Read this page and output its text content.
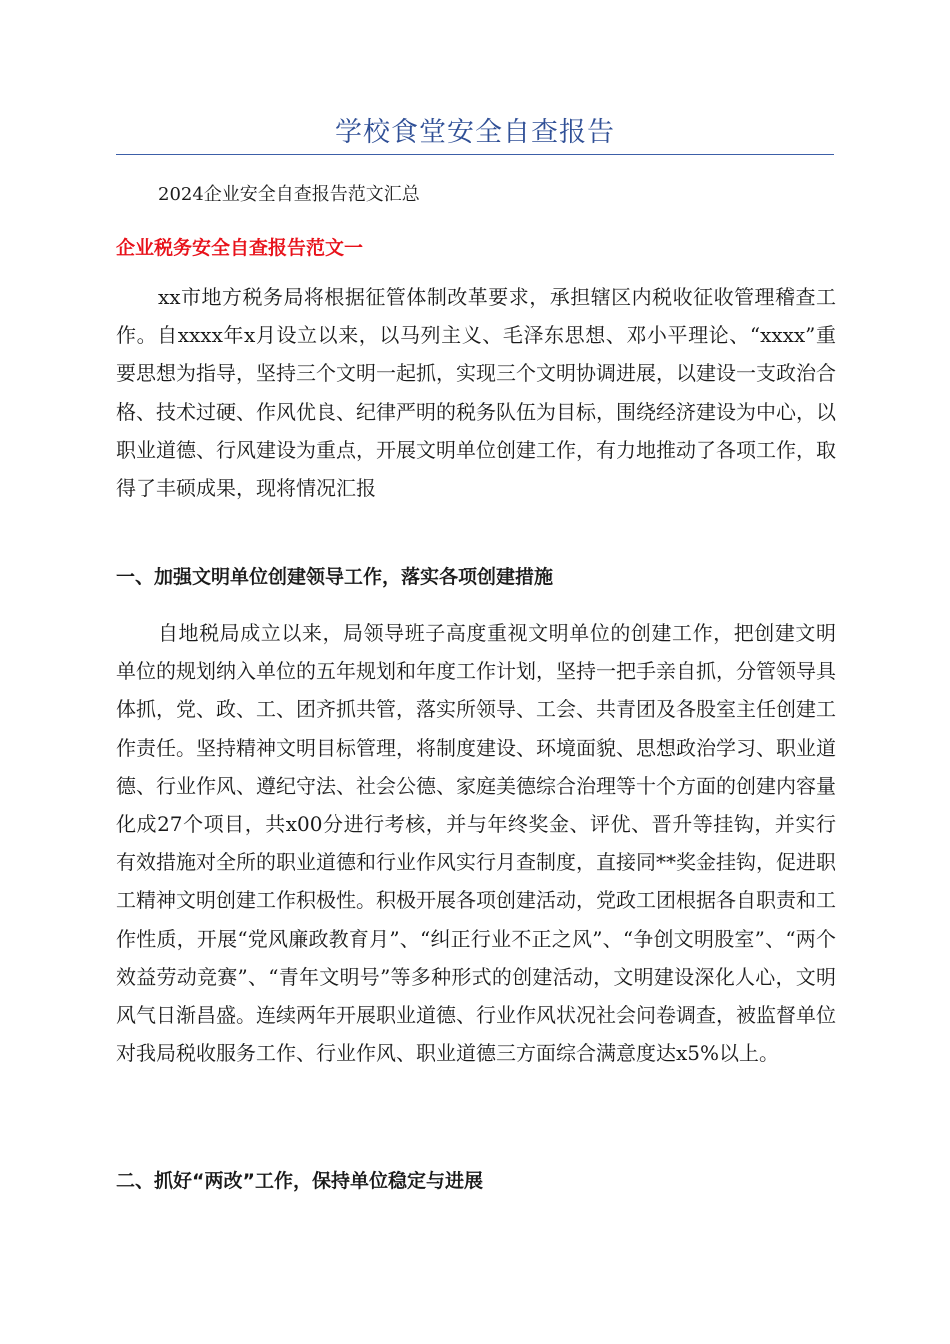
学校食堂安全自查报告
2024企业安全自查报告范文汇总
企业税务安全自查报告范文一

xx市地方税务局将根据征管体制改革要求，承担辖区内税收征收管理稽查工作。自xxxx年x月设立以来，以马列主义、毛泽东思想、邓小平理论、“xxxx”重要思想为指导，坚持三个文明一起抓，实现三个文明协调进展，以建设一支政治合格、技术过硬、作风优良、纪律严明的税务队伍为目标，围绕经济建设为中心，以职业道德、行风建设为重点，开展文明单位创建工作，有力地推动了各项工作，取得了丰硕成果，现将情况汇报

一、加强文明单位创建领导工作，落实各项创建措施

自地税局成立以来，局领导班子高度重视文明单位的创建工作，把创建文明单位的规划纳入单位的五年规划和年度工作计划，坚持一把手亲自抓，分管领导具体抓，党、政、工、团齐抓共管，落实所领导、工会、共青团及各股室主任创建工作责任。坚持精神文明目标管理，将制度建设、环境面貌、思想政治学习、职业道德、行业作风、遵纪守法、社会公德、家庭美德综合治理等十个方面的创建内容量化成27个项目，共x00分进行考核，并与年终奖金、评优、晋升等挂钩，并实行有效措施对全所的职业道德和行业作风实行月查制度，直接同**奖金挂钩，促进职工精神文明创建工作积极性。积极开展各项创建活动，党政工团根据各自职责和工作性质，开展“党风廉政教育月”、“纠正行业不正之风”、“争创文明股室”、“两个效益劳动竞赛”、“青年文明号”等多种形式的创建活动，文明建设深化人心，文明风气日渐昌盛。连续两年开展职业道德、行业作风状况社会问卷调查，被监督单位对我局税收服务工作、行业作风、职业道德三方面综合满意度达x5%以上。

二、抓好“两改”工作，保持单位稳定与进展
